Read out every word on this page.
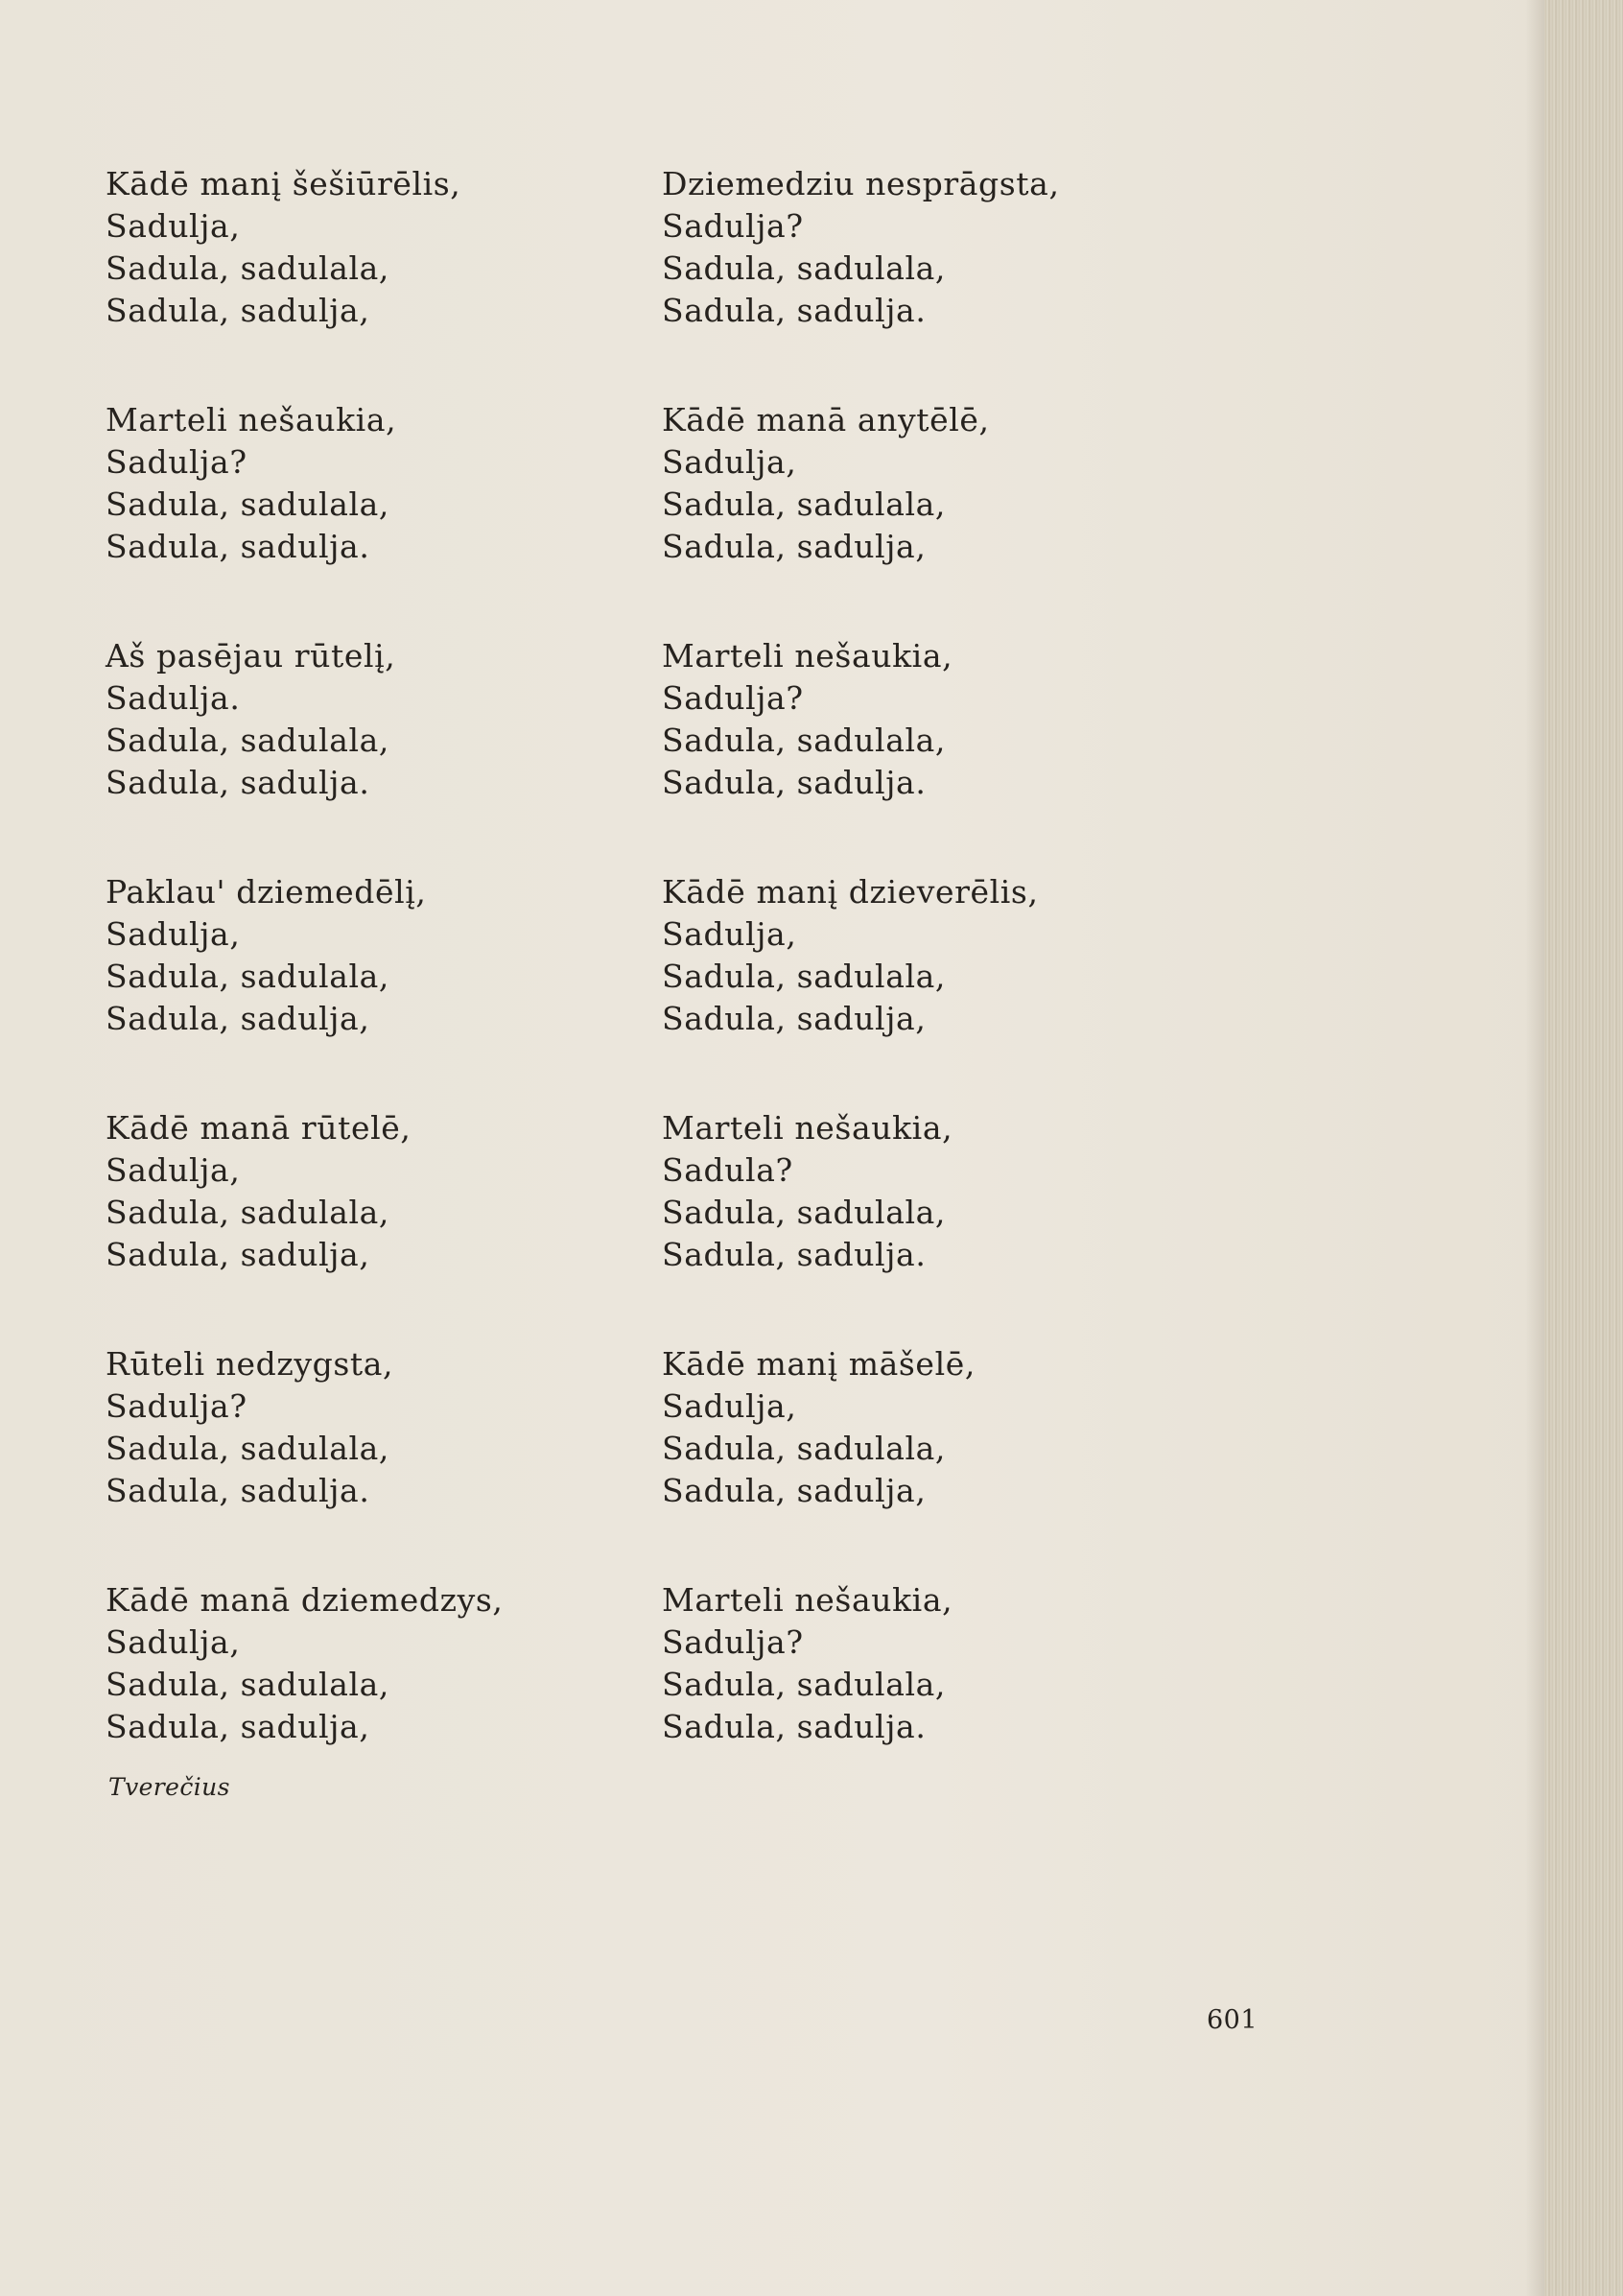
Kādē manį šešiūrēlis,
Sadulja,
Sadula, sadulala,
Sadula, sadulja,
Marteli nešaukia,
Sadulja?
Sadula, sadulala,
Sadula, sadulja.
Aš pasējau rūtelį,
Sadulja.
Sadula, sadulala,
Sadula, sadulja.
Paklau' dziemedēlį,
Sadulja,
Sadula, sadulala,
Sadula, sadulja,
Kādē manā rūtelē,
Sadulja,
Sadula, sadulala,
Sadula, sadulja,
Rūteli nedzygsta,
Sadulja?
Sadula, sadulala,
Sadula, sadulja.
Kādē manā dziemedzys,
Sadulja,
Sadula, sadulala,
Sadula, sadulja,
Dziemedziu nesprāgsta,
Sadulja?
Sadula, sadulala,
Sadula, sadulja.
Kādē manā anytēlē,
Sadulja,
Sadula, sadulala,
Sadula, sadulja,
Marteli nešaukia,
Sadulja?
Sadula, sadulala,
Sadula, sadulja.
Kādē manį dzieverēlis,
Sadulja,
Sadula, sadulala,
Sadula, sadulja,
Marteli nešaukia,
Sadula?
Sadula, sadulala,
Sadula, sadulja.
Kādē manį māšelē,
Sadulja,
Sadula, sadulala,
Sadula, sadulja,
Marteli nešaukia,
Sadulja?
Sadula, sadulala,
Sadula, sadulja.
Tverečius
601
